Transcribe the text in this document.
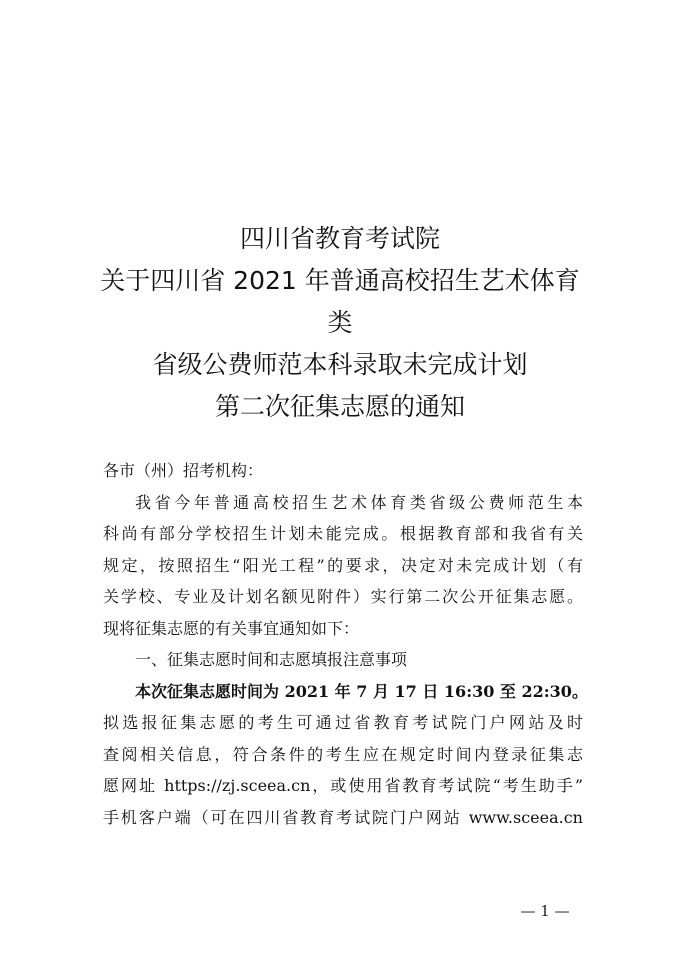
四川省教育考试院
关于四川省 2021 年普通高校招生艺术体育
类
省级公费师范本科录取未完成计划
第二次征集志愿的通知
各市（州）招考机构：
我省今年普通高校招生艺术体育类省级公费师范生本
科尚有部分学校招生计划未能完成。根据教育部和我省有关
规定，按照招生“阳光工程”的要求，决定对未完成计划（有
关学校、专业及计划名额见附件）实行第二次公开征集志愿。
现将征集志愿的有关事宜通知如下：
一、征集志愿时间和志愿填报注意事项
本次征集志愿时间为 2021 年 7 月 17 日 16:30 至 22:30。
拟选报征集志愿的考生可通过省教育考试院门户网站及时
查阅相关信息，符合条件的考生应在规定时间内登录征集志
愿网址 https://zj.sceea.cn，或使用省教育考试院“考生助手”
手机客户端（可在四川省教育考试院门户网站 www.sceea.cn
— 1 —
